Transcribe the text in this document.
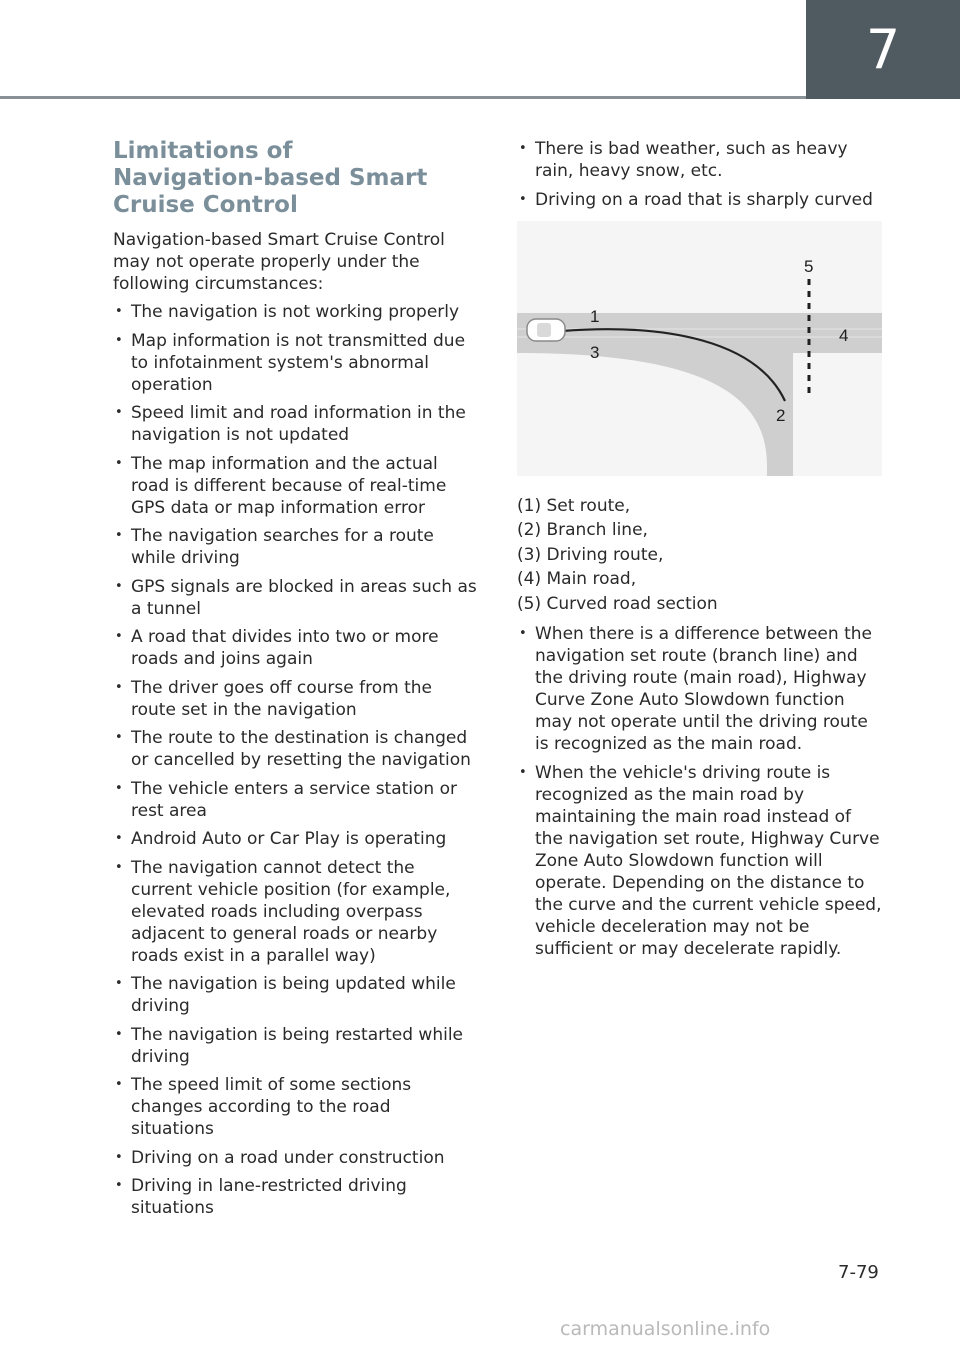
7
Limitations of
Navigation-based Smart
Cruise Control

Navigation-based Smart Cruise Control may not operate properly under the following circumstances:

• The navigation is not working properly
• Map information is not transmitted due to infotainment system's abnormal operation
• Speed limit and road information in the navigation is not updated
• The map information and the actual road is different because of real-time GPS data or map information error
• The navigation searches for a route while driving
• GPS signals are blocked in areas such as a tunnel
• A road that divides into two or more roads and joins again
• The driver goes off course from the route set in the navigation
• The route to the destination is changed or cancelled by resetting the navigation
• The vehicle enters a service station or rest area
• Android Auto or Car Play is operating
• The navigation cannot detect the current vehicle position (for example, elevated roads including overpass adjacent to general roads or nearby roads exist in a parallel way)
• The navigation is being updated while driving
• The navigation is being restarted while driving
• The speed limit of some sections changes according to the road situations
• Driving on a road under construction
• Driving in lane-restricted driving situations
• There is bad weather, such as heavy rain, heavy snow, etc.
• Driving on a road that is sharply curved
1
2
3
4
5
(1) Set route,
(2) Branch line,
(3) Driving route,
(4) Main road,
(5) Curved road section
• When there is a difference between the navigation set route (branch line) and the driving route (main road), Highway Curve Zone Auto Slowdown function may not operate until the driving route is recognized as the main road.
• When the vehicle's driving route is recognized as the main road by maintaining the main road instead of the navigation set route, Highway Curve Zone Auto Slowdown function will operate. Depending on the distance to the curve and the current vehicle speed, vehicle deceleration may not be sufficient or may decelerate rapidly.
7-79
carmanualsonline.info
